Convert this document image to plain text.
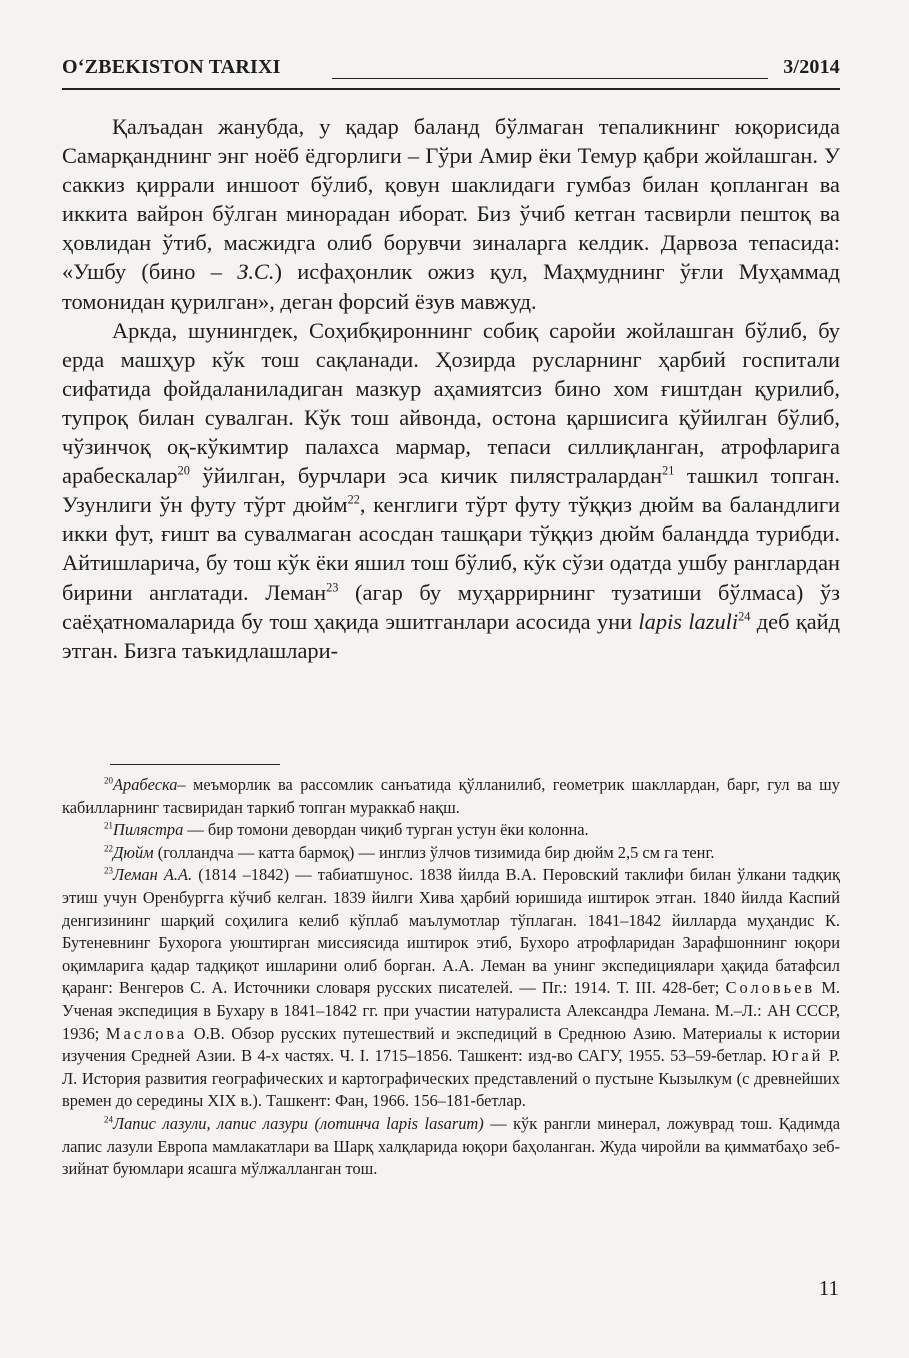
O‘ZBEKISTON TARIXI	3/2014

Қалъадан жанубда, у қадар баланд бўлмаган тепаликнинг юқорисида Самарқанднинг энг ноёб ёдгорлиги – Гўри Амир ёки Темур қабри жойлашган. У саккиз қиррали иншоот бўлиб, қовун шаклидаги гумбаз билан қопланган ва иккита вайрон бўлган минорадан иборат. Биз ўчиб кетган тасвирли пештоқ ва ҳовлидан ўтиб, масжидга олиб борувчи зиналарга келдик. Дарвоза тепасида: «Ушбу (бино – З.С.) исфаҳонлик ожиз қул, Маҳмуднинг ўғли Муҳаммад томонидан қурилган», деган форсий ёзув мавжуд.

Аркда, шунингдек, Соҳибқироннинг собиқ саройи жойлашган бўлиб, бу ерда машҳур кўк тош сақланади. Ҳозирда русларнинг ҳарбий госпитали сифатида фойдаланиладиган мазкур аҳамиятсиз бино хом ғиштдан қурилиб, тупроқ билан сувалган. Кўк тош айвонда, остона қаршисига қўйилган бўлиб, чўзинчоқ оқ-кўкимтир палахса мармар, тепаси силлиқланган, атрофларига арабескалар$^{20}$ ўйилган, бурчлари эса кичик пилястралардан$^{21}$ ташкил топган. Узунлиги ўн футу тўрт дюйм$^{22}$, кенглиги тўрт футу тўққиз дюйм ва баландлиги икки фут, ғишт ва сувалмаган асосдан ташқари тўққиз дюйм баландда турибди. Айтишларича, бу тош кўк ёки яшил тош бўлиб, кўк сўзи одатда ушбу ранглардан бирини англатади. Леман$^{23}$ (агар бу муҳаррирнинг тузатиши бўлмаса) ўз саёҳатномаларида бу тош ҳақида эшитганлари асосида уни lapis lazuli$^{24}$ деб қайд этган. Бизга таъкидлашлари-

$^{20}$Арабеска– меъморлик ва рассомлик санъатида қўлланилиб, геометрик шакллардан, барг, гул ва шу кабилларнинг тасвиридан таркиб топган мураккаб нақш.

$^{21}$Пилястра — бир томони девордан чиқиб турган устун ёки колонна.

$^{22}$Дюйм (голландча — катта бармоқ) — инглиз ўлчов тизимида бир дюйм 2,5 см га тенг.

$^{23}$Леман А.А. (1814 –1842) — табиатшунос. 1838 йилда В.А. Перовский таклифи билан ўлкани тадқиқ этиш учун Оренбургга кўчиб келган. 1839 йилги Хива ҳарбий юришида иштирок этган. 1840 йилда Каспий денгизининг шарқий соҳилига келиб кўплаб маълумотлар тўплаган. 1841–1842 йилларда муҳандис К. Бутеневнинг Бухорога уюштирган миссиясида иштирок этиб, Бухоро атрофларидан Зарафшоннинг юқори оқимларига қадар тадқиқот ишларини олиб борган. А.А. Леман ва унинг экспедициялари ҳақида батафсил қаранг: Венгеров С. А. Источники словаря русских писателей. — Пг.: 1914. Т. III. 428-бет; Соловьев М. Ученая экспедиция в Бухару в 1841–1842 гг. при участии натуралиста Александра Лемана. М.–Л.: АН СССР, 1936; Маслова О.В. Обзор русских путешествий и экспедиций в Среднюю Азию. Материалы к истории изучения Средней Азии. В 4-х частях. Ч. I. 1715–1856. Ташкент: изд-во САГУ, 1955. 53–59-бетлар. Югай Р. Л. История развития географических и картографических представлений о пустыне Кызылкум (с древнейших времен до середины XIX в.). Ташкент: Фан, 1966. 156–181-бетлар.

$^{24}$Лапис лазули, лапис лазури (лотинча lapis lasarum) — кўк рангли минерал, ложуврад тош. Қадимда лапис лазули Европа мамлакатлари ва Шарқ халқларида юқори баҳоланган. Жуда чиройли ва қимматбаҳо зеб-зийнат буюмлари ясашга мўлжалланган тош.

11
